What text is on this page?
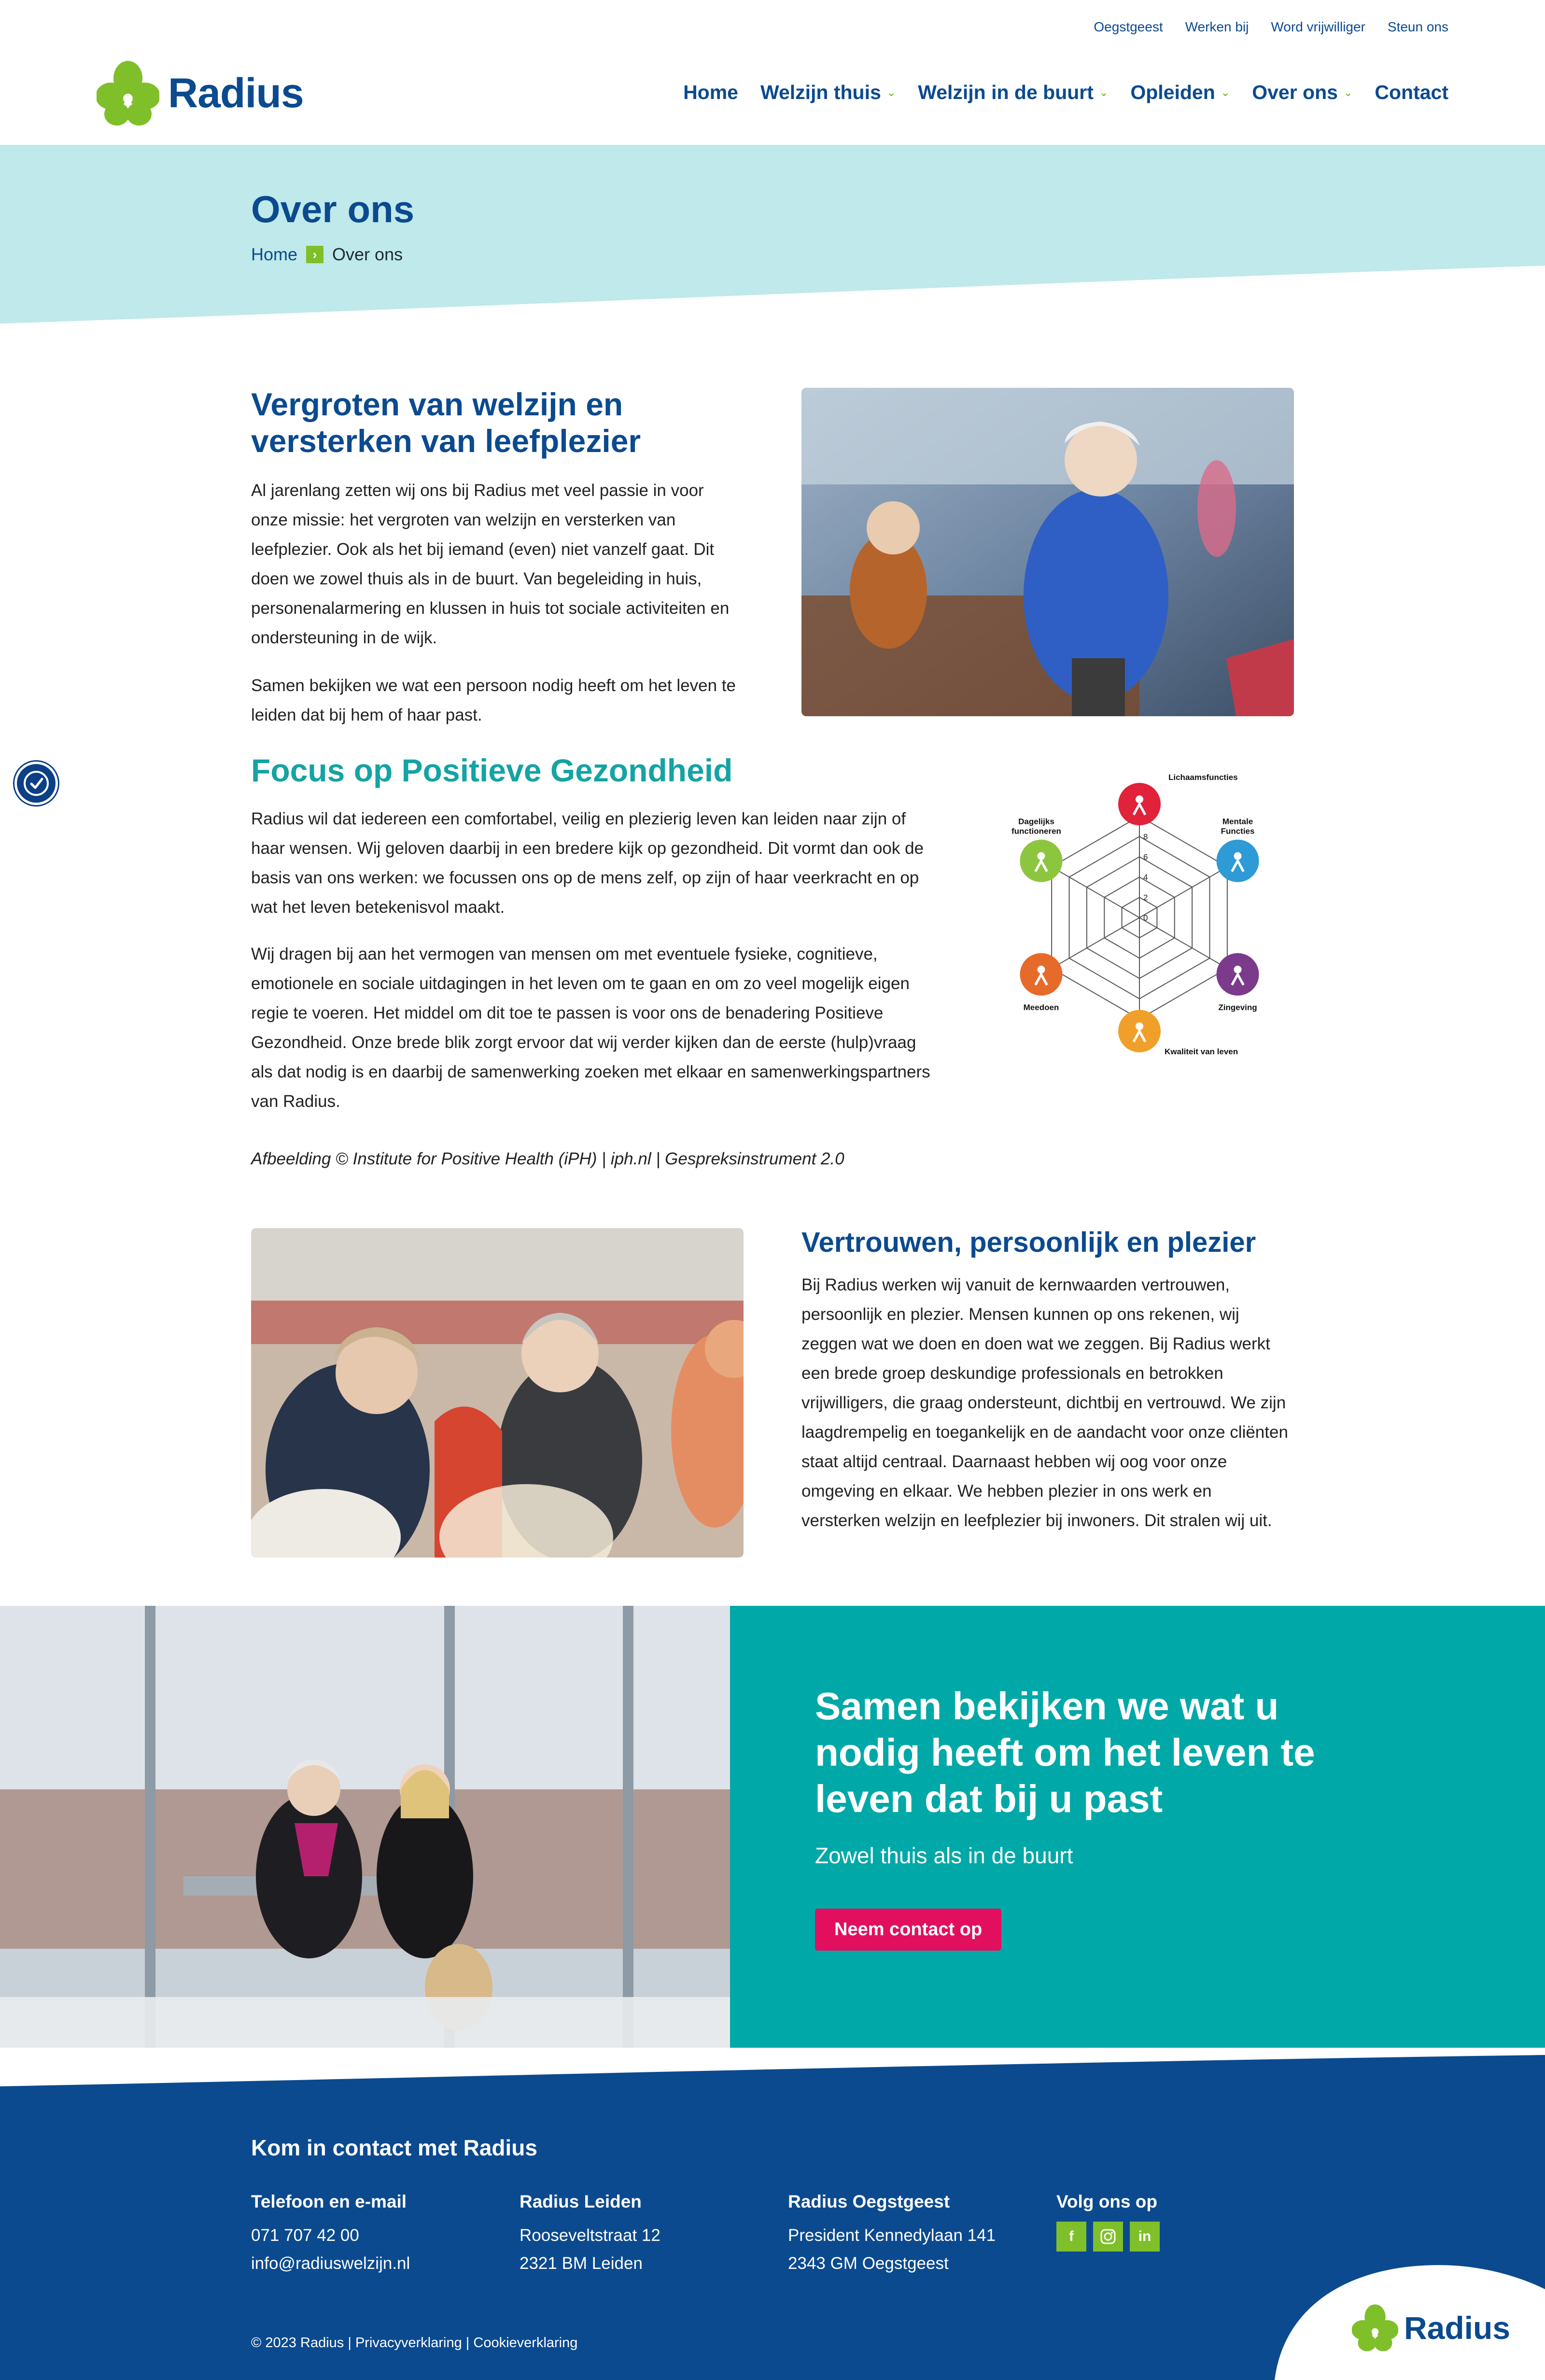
Oegstgeest Werken bij Word vrijwilliger Steun ons
Radius	Home Welzijn thuis ⌄ Welzijn in de buurt ⌄ Opleiden ⌄ Over ons ⌄ Contact
Over ons
Home	› Over ons
Vergroten van welzijn en versterken van leefplezier

Al jarenlang zetten wij ons bij Radius met veel passie in voor onze missie: het vergroten van welzijn en versterken van leefplezier. Ook als het bij iemand (even) niet vanzelf gaat. Dit doen we zowel thuis als in de buurt. Van begeleiding in huis, personenalarmering en klussen in huis tot sociale activiteiten en ondersteuning in de wijk.

Samen bekijken we wat een persoon nodig heeft om het leven te leiden dat bij hem of haar past.

Focus op Positieve Gezondheid

Radius wil dat iedereen een comfortabel, veilig en plezierig leven kan leiden naar zijn of haar wensen. Wij geloven daarbij in een bredere kijk op gezondheid. Dit vormt dan ook de basis van ons werken: we focussen ons op de mens zelf, op zijn of haar veerkracht en op wat het leven betekenisvol maakt.

Wij dragen bij aan het vermogen van mensen om met eventuele fysieke, cognitieve, emotionele en sociale uitdagingen in het leven om te gaan en om zo veel mogelijk eigen regie te voeren. Het middel om dit toe te passen is voor ons de benadering Positieve Gezondheid. Onze brede blik zorgt ervoor dat wij verder kijken dan de eerste (hulp)vraag als dat nodig is en daarbij de samenwerking zoeken met elkaar en samenwerkingspartners van Radius.

Afbeelding © Institute for Positive Health (iPH) | iph.nl | Gespreksinstrument 2.0

8
6
4
2
0
Lichaamsfuncties
Mentale
Functies
Zingeving
Kwaliteit van leven
Meedoen
Dagelijks
functioneren
Vertrouwen, persoonlijk en plezier

Bij Radius werken wij vanuit de kernwaarden vertrouwen, persoonlijk en plezier. Mensen kunnen op ons rekenen, wij zeggen wat we doen en doen wat we zeggen. Bij Radius werkt een brede groep deskundige professionals en betrokken vrijwilligers, die graag ondersteunt, dichtbij en vertrouwd. We zijn laagdrempelig en toegankelijk en de aandacht voor onze cliënten staat altijd centraal. Daarnaast hebben wij oog voor onze omgeving en elkaar. We hebben plezier in ons werk en versterken welzijn en leefplezier bij inwoners. Dit stralen wij uit.

Samen bekijken we wat u nodig heeft om het leven te leven dat bij u past

Zowel thuis als in de buurt

Neem contact op
Kom in contact met Radius
Telefoon en e-mail
071 707 42 00
info@radiuswelzijn.nl
Radius Leiden
Rooseveltstraat 12
2321 BM Leiden
Radius Oegstgeest
President Kennedylaan 141
2343 GM Oegstgeest
Volg ons op
f	in
© 2023 Radius | Privacyverklaring | Cookieverklaring	Radius
